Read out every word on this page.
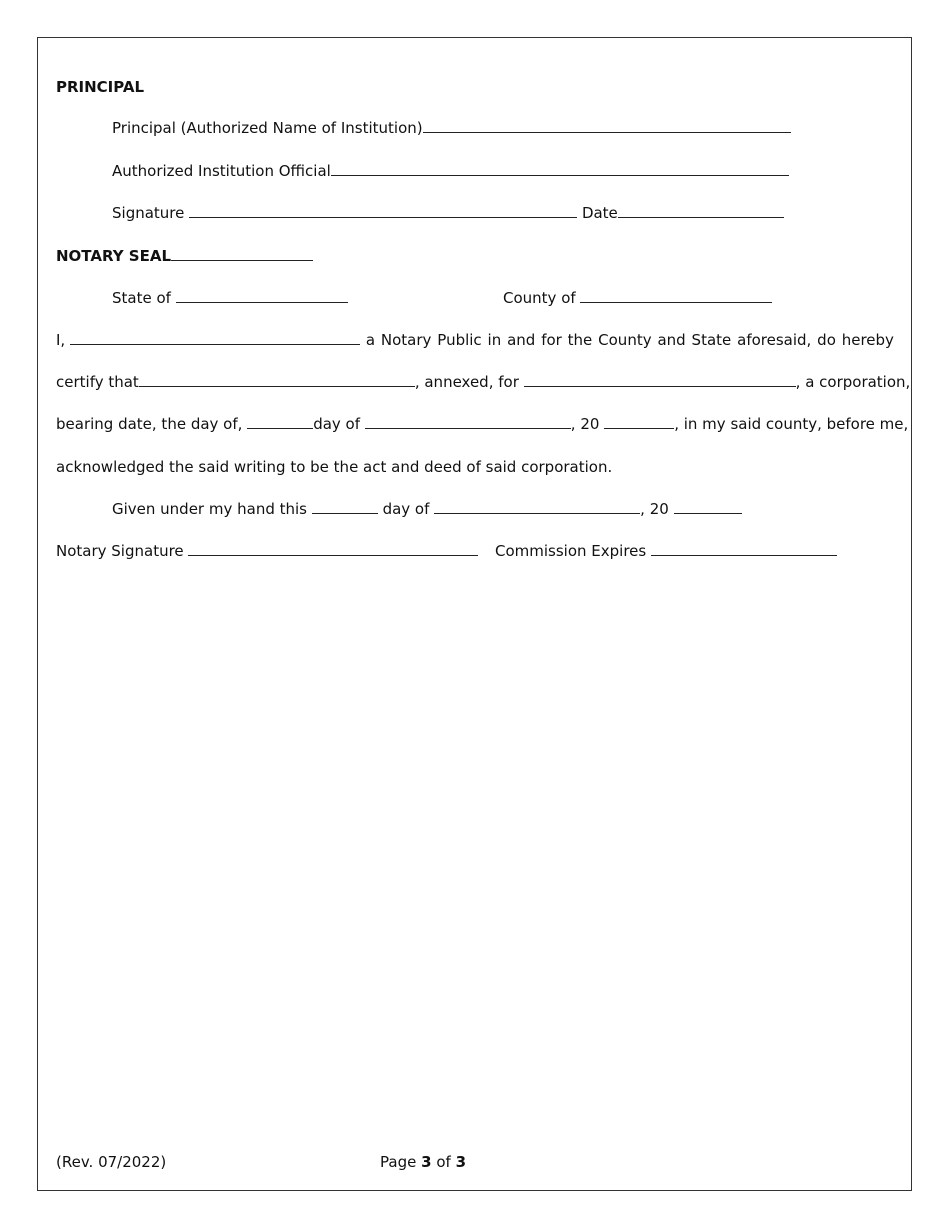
PRINCIPAL
Principal (Authorized Name of Institution)
Authorized Institution Official
Signature	Date
NOTARY SEAL
State of	County of
I,	a Notary Public in and for the County and State aforesaid, do hereby
certify that	, annexed, for	, a corporation,
bearing date, the day of,	day of	, 20	, in my said county, before me,
acknowledged the said writing to be the act and deed of said corporation.
Given under my hand this	day of	, 20
Notary Signature	Commission Expires
(Rev. 07/2022)	Page 3 of 3
